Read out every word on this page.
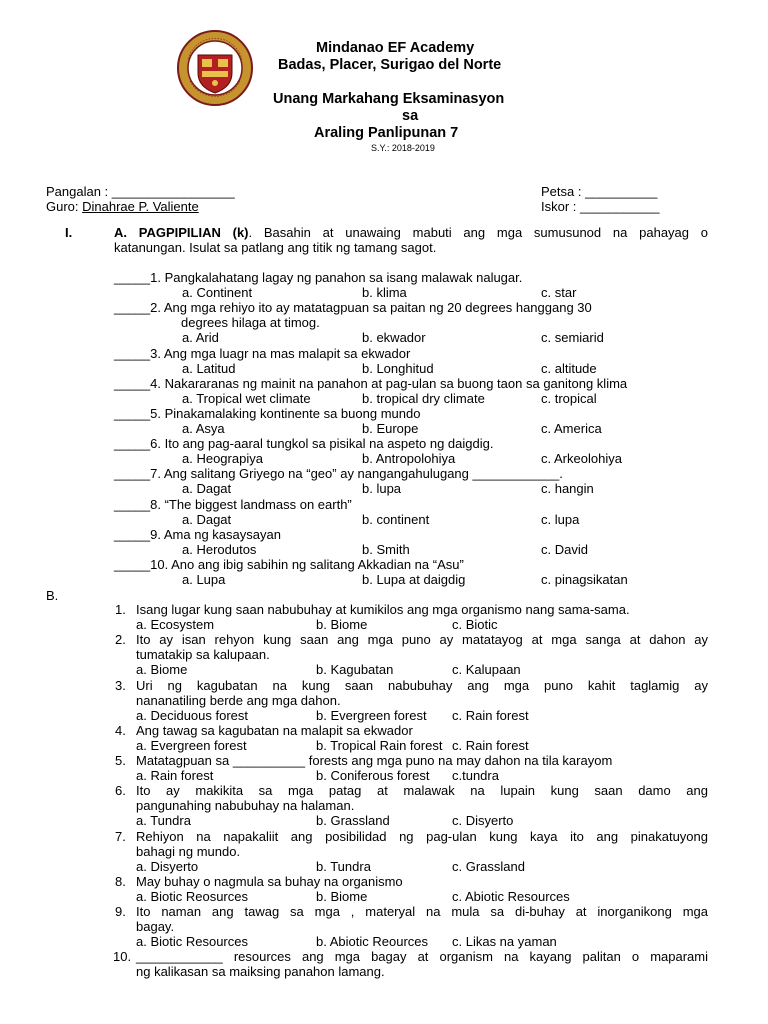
Mindanao EF Academy
Badas, Placer, Surigao del Norte
Unang Markahang Eksaminasyon
sa
Araling Panlipunan 7
S.Y.: 2018-2019
Pangalan : _________________
Guro: Dinahrae P. Valiente
Petsa : __________
Iskor : ___________
I.	A. PAGPIPILIAN (k). Basahin at unawaing mabuti ang mga sumusunod na pahayag o
katanungan. Isulat sa patlang ang titik ng tamang sagot.
_____1. Pangkalahatang lagay ng panahon sa isang malawak nalugar.
a. Continent	b. klima	c. star
_____2. Ang mga rehiyo ito ay matatagpuan sa paitan ng 20 degrees hanggang 30
degrees hilaga at timog.
a. Arid	b. ekwador	c. semiarid
_____3. Ang mga luagr na mas malapit sa ekwador
a. Latitud	b. Longhitud	c. altitude
_____4. Nakararanas ng mainit na panahon at pag-ulan sa buong taon sa ganitong klima
a. Tropical wet climate	b. tropical dry climate	c. tropical
_____5. Pinakamalaking kontinente sa buong mundo
a. Asya	b. Europe	c. America
_____6. Ito ang pag-aaral tungkol sa pisikal na aspeto ng daigdig.
a. Heograpiya	b. Antropolohiya	c. Arkeolohiya
_____7. Ang salitang Griyego na “geo” ay nangangahulugang ____________.
a. Dagat	b. lupa	c. hangin
_____8. “The biggest landmass on earth”
a. Dagat	b. continent	c. lupa
_____9. Ama ng kasaysayan
a. Herodutos	b. Smith	c. David
_____10. Ano ang ibig sabihin ng salitang Akkadian na “Asu”
a. Lupa	b. Lupa at daigdig	c. pinagsikatan
B.
1. Isang lugar kung saan nabubuhay at kumikilos ang mga organismo nang sama-sama.
a. Ecosystem	b. Biome	c. Biotic
2. Ito ay isan rehyon kung saan ang mga puno ay matatayog at mga sanga at dahon ay
tumatakip sa kalupaan.
a. Biome	b. Kagubatan	c. Kalupaan
3. Uri ng kagubatan na kung saan nabubuhay ang mga puno kahit taglamig ay
nananatiling berde ang mga dahon.
a. Deciduous forest	b. Evergreen forest c. Rain forest
4. Ang tawag sa kagubatan na malapit sa ekwador
a. Evergreen forest	b. Tropical Rain forest c. Rain forest
5. Matatagpuan sa __________ forests ang mga puno na may dahon na tila karayom
a. Rain forest	b. Coniferous forest c.tundra
6. Ito ay makikita sa mga patag at malawak na lupain kung saan damo ang
pangunahing nabubuhay na halaman.
a. Tundra	b. Grassland	c. Disyerto
7. Rehiyon na napakaliit ang posibilidad ng pag-ulan kung kaya ito ang pinakatuyong
bahagi ng mundo.
a. Disyerto	b. Tundra	c. Grassland
8. May buhay o nagmula sa buhay na organismo
a. Biotic Reosurces	b. Biome	c. Abiotic Resources
9. Ito naman ang tawag sa mga , materyal na mula sa di-buhay at inorganikong mga
bagay.
a. Biotic Resources	b. Abiotic Reources c. Likas na yaman
10. ____________ resources ang mga bagay at organism na kayang palitan o maparami
ng kalikasan sa maiksing panahon lamang.
